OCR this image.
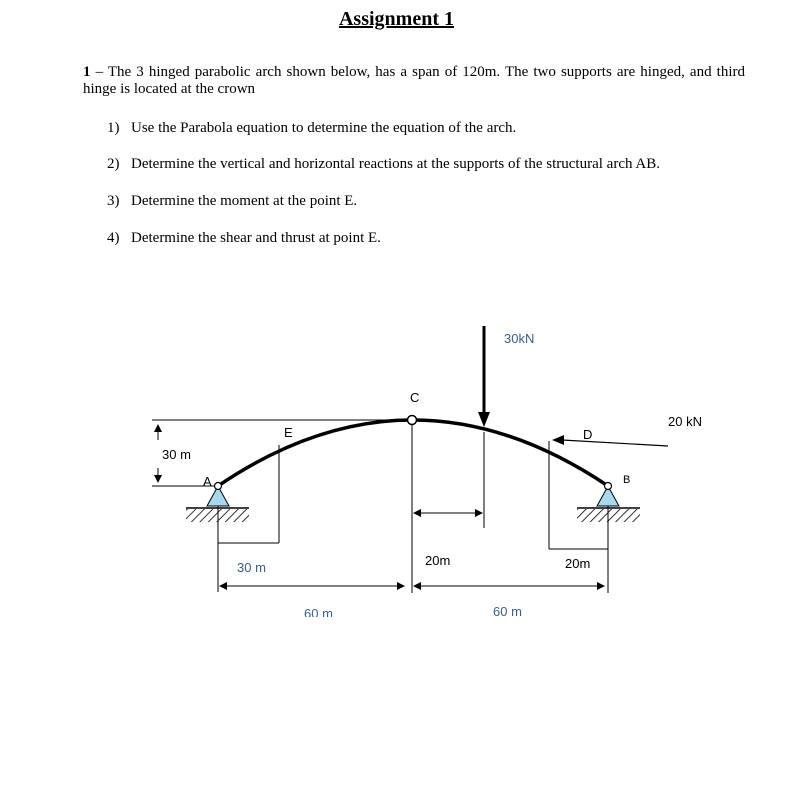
Assignment 1
1 – The 3 hinged parabolic arch shown below, has a span of 120m. The two supports are hinged, and third hinge is located at the crown
1) Use the Parabola equation to determine the equation of the arch.
2) Determine the vertical and horizontal reactions at the supports of the structural arch AB.
3) Determine the moment at the point E.
4) Determine the shear and thrust at point E.
C
E
A
D
B
30kN
20 kN
30 m
30 m	20m	20m
60 m	60 m
